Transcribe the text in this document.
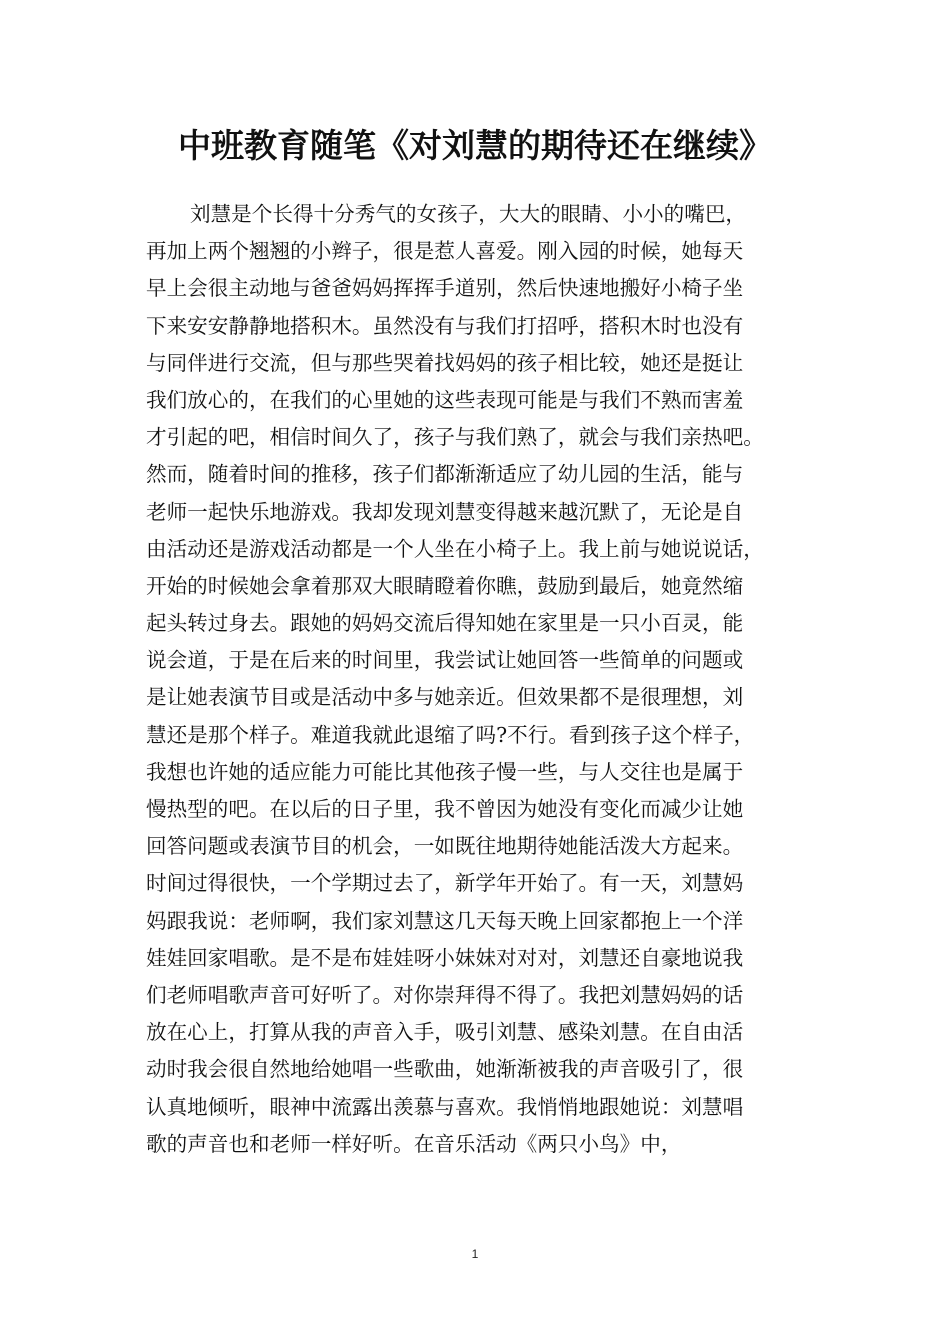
中班教育随笔《对刘慧的期待还在继续》
刘慧是个长得十分秀气的女孩子，大大的眼睛、小小的嘴巴，
再加上两个翘翘的小辫子，很是惹人喜爱。刚入园的时候，她每天
早上会很主动地与爸爸妈妈挥挥手道别，然后快速地搬好小椅子坐
下来安安静静地搭积木。虽然没有与我们打招呼，搭积木时也没有
与同伴进行交流，但与那些哭着找妈妈的孩子相比较，她还是挺让
我们放心的，在我们的心里她的这些表现可能是与我们不熟而害羞
才引起的吧，相信时间久了，孩子与我们熟了，就会与我们亲热吧。
然而，随着时间的推移，孩子们都渐渐适应了幼儿园的生活，能与
老师一起快乐地游戏。我却发现刘慧变得越来越沉默了，无论是自
由活动还是游戏活动都是一个人坐在小椅子上。我上前与她说说话，
开始的时候她会拿着那双大眼睛瞪着你瞧，鼓励到最后，她竟然缩
起头转过身去。跟她的妈妈交流后得知她在家里是一只小百灵，能
说会道，于是在后来的时间里，我尝试让她回答一些简单的问题或
是让她表演节目或是活动中多与她亲近。但效果都不是很理想，刘
慧还是那个样子。难道我就此退缩了吗?不行。看到孩子这个样子，
我想也许她的适应能力可能比其他孩子慢一些，与人交往也是属于
慢热型的吧。在以后的日子里，我不曾因为她没有变化而减少让她
回答问题或表演节目的机会，一如既往地期待她能活泼大方起来。
时间过得很快，一个学期过去了，新学年开始了。有一天，刘慧妈
妈跟我说：老师啊，我们家刘慧这几天每天晚上回家都抱上一个洋
娃娃回家唱歌。是不是布娃娃呀小妹妹对对对，刘慧还自豪地说我
们老师唱歌声音可好听了。对你崇拜得不得了。我把刘慧妈妈的话
放在心上，打算从我的声音入手，吸引刘慧、感染刘慧。在自由活
动时我会很自然地给她唱一些歌曲，她渐渐被我的声音吸引了，很
认真地倾听，眼神中流露出羡慕与喜欢。我悄悄地跟她说：刘慧唱
歌的声音也和老师一样好听。在音乐活动《两只小鸟》中，
1
